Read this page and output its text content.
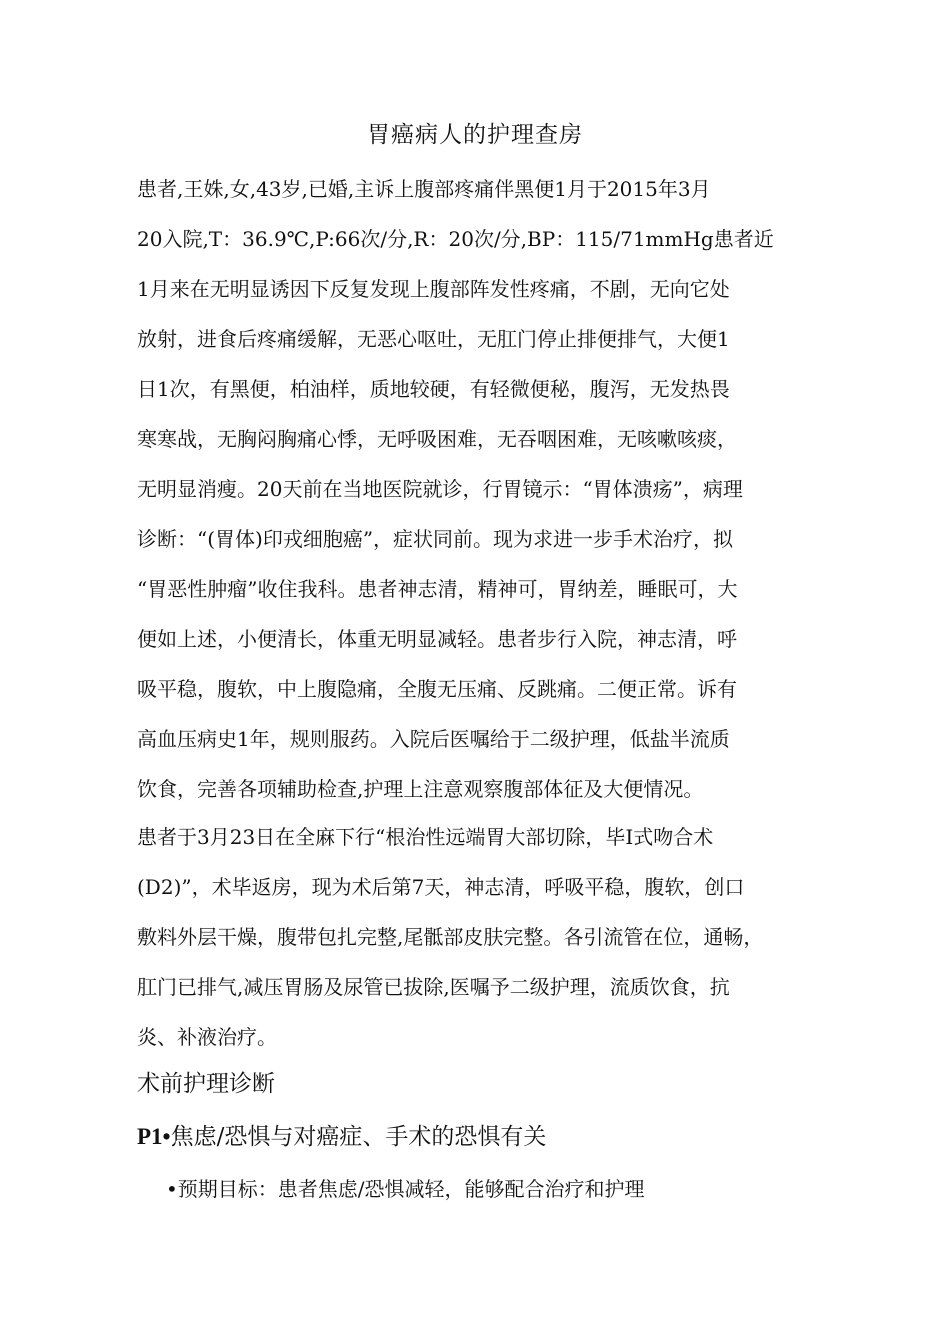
胃癌病人的护理查房
患者,王姝,女,43岁,已婚,主诉上腹部疼痛伴黑便1月于2015年3月
20入院,T：36.9℃,P:66次/分,R：20次/分,BP：115/71mmHg患者近
1月来在无明显诱因下反复发现上腹部阵发性疼痛，不剧，无向它处
放射，进食后疼痛缓解，无恶心呕吐，无肛门停止排便排气，大便1
日1次，有黑便，柏油样，质地较硬，有轻微便秘，腹泻，无发热畏
寒寒战，无胸闷胸痛心悸，无呼吸困难，无吞咽困难，无咳嗽咳痰，
无明显消瘦。20天前在当地医院就诊，行胃镜示：“胃体溃疡”，病理
诊断：“(胃体)印戎细胞癌”，症状同前。现为求进一步手术治疗，拟
“胃恶性肿瘤”收住我科。患者神志清，精神可，胃纳差，睡眠可，大
便如上述，小便清长，体重无明显减轻。患者步行入院，神志清，呼
吸平稳，腹软，中上腹隐痛，全腹无压痛、反跳痛。二便正常。诉有
高血压病史1年，规则服药。入院后医嘱给于二级护理，低盐半流质
饮食，完善各项辅助检查,护理上注意观察腹部体征及大便情况。
患者于3月23日在全麻下行“根治性远端胃大部切除，毕Ⅰ式吻合术
(D2)”，术毕返房，现为术后第7天，神志清，呼吸平稳，腹软，创口
敷料外层干燥，腹带包扎完整,尾骶部皮肤完整。各引流管在位，通畅，
肛门已排气,减压胃肠及尿管已拔除,医嘱予二级护理，流质饮食，抗
炎、补液治疗。
术前护理诊断
P1•焦虑/恐惧与对癌症、手术的恐惧有关
•预期目标：患者焦虑/恐惧减轻，能够配合治疗和护理
